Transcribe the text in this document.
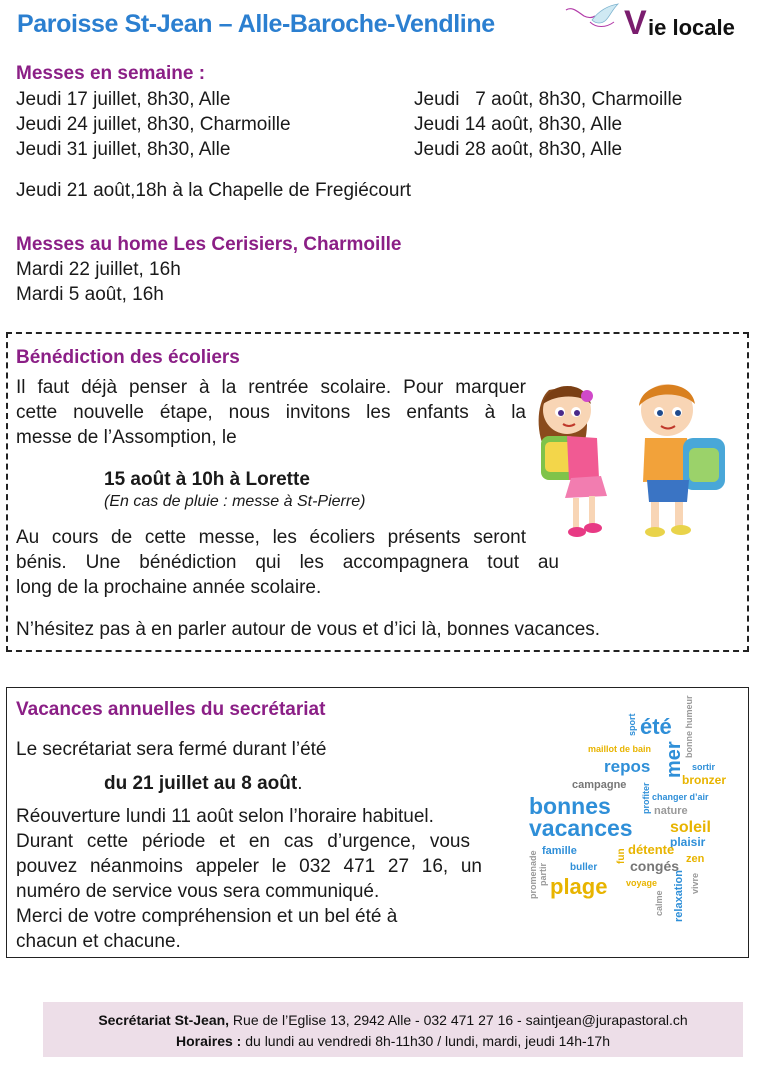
Paroisse St-Jean – Alle-Baroche-Vendline	V ie locale
Messes en semaine :
Jeudi 17 juillet, 8h30, Alle
Jeudi 24 juillet, 8h30, Charmoille
Jeudi 31 juillet, 8h30, Alle
Jeudi   7 août, 8h30, Charmoille
Jeudi 14 août, 8h30, Alle
Jeudi 28 août, 8h30, Alle
Jeudi 21 août,18h à la Chapelle de Fregiécourt
Messes au home Les Cerisiers, Charmoille
Mardi 22 juillet, 16h
Mardi 5 août, 16h
Bénédiction des écoliers
Il faut déjà penser à la rentrée scolaire. Pour marquer
cette nouvelle étape, nous invitons les enfants à la
messe de l’Assomption, le
15 août à 10h à Lorette
(En cas de pluie : messe à St-Pierre)
Au cours de cette messe, les écoliers présents seront
bénis. Une bénédiction qui les accompagnera tout au
long de la prochaine année scolaire.
N’hésitez pas à en parler autour de vous et d’ici là, bonnes vacances.
Vacances annuelles du secrétariat
Le secrétariat sera fermé durant l’été
du 21 juillet au 8 août.
Réouverture lundi 11 août selon l’horaire habituel.
Durant cette période et en cas d’urgence, vous
pouvez néanmoins appeler le 032 471 27 16, un
numéro de service vous sera communiqué.
Merci de votre compréhension et un bel été à
chacun et chacune.
sport été bonne humeur
maillot de bain
repos mer sortir
campagne	bronzer
changer d’air
profiter
bonnes	nature
vacances soleil
plaisir
famille	détente
zen
promenade partir
fun
buller congés
plage voyage
calme relaxation vivre
Secrétariat St-Jean, Rue de l’Eglise 13, 2942 Alle - 032 471 27 16 - saintjean@jurapastoral.ch
Horaires : du lundi au vendredi 8h-11h30 / lundi, mardi, jeudi 14h-17h
